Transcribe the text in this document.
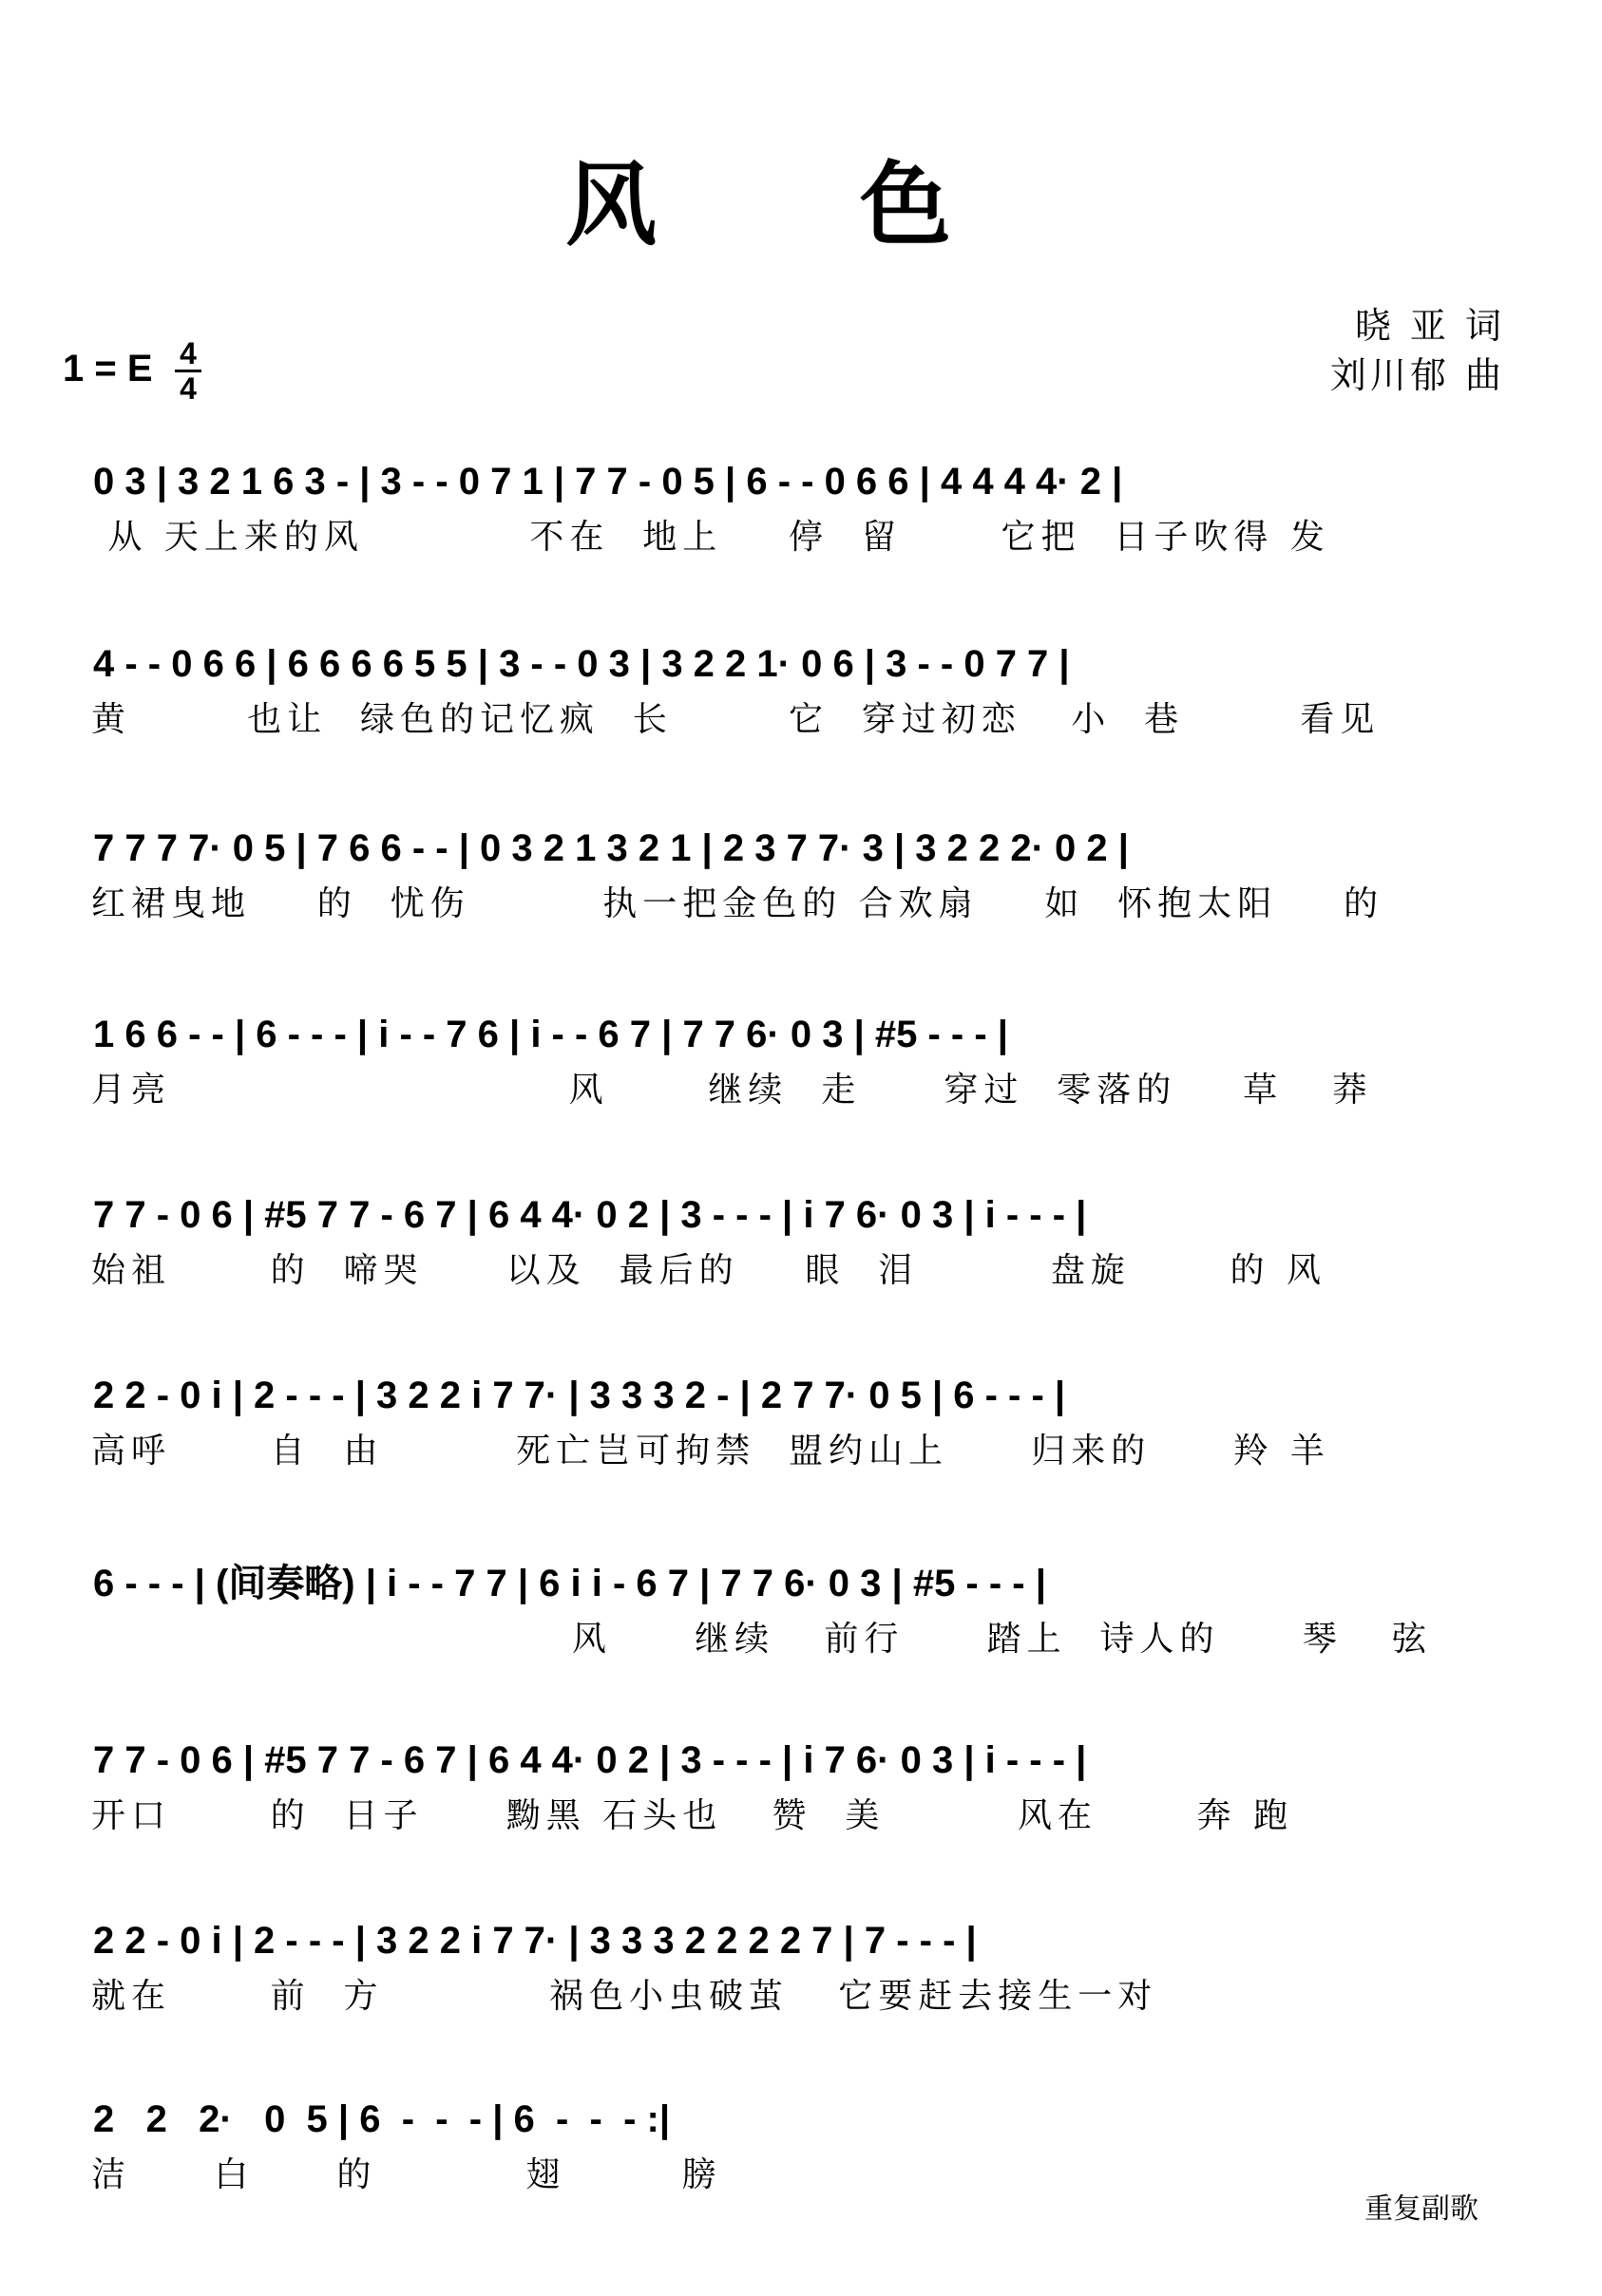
风 色
晓 亚 词
刘川郁 曲
1 = E 4
4
0 3 | 3 2 1 6 3 - | 3 - - 0 7 1 | 7 7 - 0 5 | 6 - - 0 6 6 | 4 4 4 4· 2 |
从 天上来的风          不在  地上    停  留      它把  日子吹得 发
4 - - 0 6 6 | 6 6 6 6 5 5 | 3 - - 0 3 | 3 2 2 1· 0 6 | 3 - - 0 7 7 |
黄       也让  绿色的记忆疯  长       它  穿过初恋   小  巷       看见
7 7 7 7· 0 5 | 7 6 6 - - | 0 3 2 1 3 2 1 | 2 3 7 7· 3 | 3 2 2 2· 0 2 |
红裙曳地    的  忧伤        执一把金色的 合欢扇    如  怀抱太阳    的
1 6 6 - - | 6 - - - | i - - 7 6 | i - - 6 7 | 7 7 6· 0 3 | #5 - - - |
月亮                        风      继续  走     穿过  零落的    草   莽
7 7 - 0 6 | #5 7 7 - 6 7 | 6 4 4· 0 2 | 3 - - - | i 7 6· 0 3 | i - - - |
始祖      的  啼哭     以及  最后的    眼  泪        盘旋      的 风
2 2 - 0 i | 2 - - - | 3 2 2 i 7 7· | 3 3 3 2 - | 2 7 7· 0 5 | 6 - - - |
高呼      自  由        死亡岂可拘禁  盟约山上     归来的     羚 羊
6 - - - | (间奏略) | i - - 7 7 | 6 i i - 6 7 | 7 7 6· 0 3 | #5 - - - |
风     继续   前行     踏上  诗人的     琴   弦
7 7 - 0 6 | #5 7 7 - 6 7 | 6 4 4· 0 2 | 3 - - - | i 7 6· 0 3 | i - - - |
开口      的  日子     黝黑 石头也   赞  美        风在      奔 跑
2 2 - 0 i | 2 - - - | 3 2 2 i 7 7· | 3 3 3 2 2 2 2 7 | 7 - - - |
就在      前  方          祸色小虫破茧   它要赶去接生一对
2   2   2·   0  5 | 6  -  -  - | 6  -  -  - :|
洁     白     的         翅       膀
重复副歌
